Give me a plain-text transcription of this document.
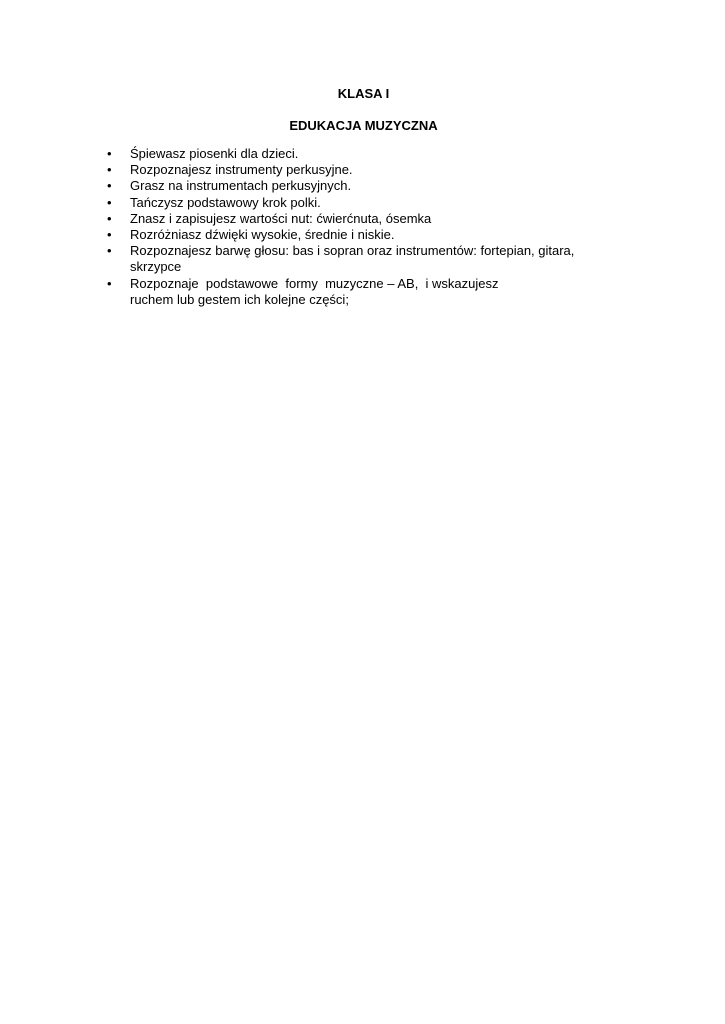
KLASA I

EDUKACJA MUZYCZNA

•	Śpiewasz piosenki dla dzieci.
•	Rozpoznajesz instrumenty perkusyjne.
•	Grasz na instrumentach perkusyjnych.
•	Tańczysz podstawowy krok polki.
•	Znasz i zapisujesz wartości nut: ćwierćnuta, ósemka
•	Rozróżniasz dźwięki wysokie, średnie i niskie.
•	Rozpoznajesz barwę głosu: bas i sopran oraz instrumentów: fortepian, gitara,
skrzypce
•	Rozpoznaje  podstawowe  formy  muzyczne – AB,  i wskazujesz
ruchem lub gestem ich kolejne części;
